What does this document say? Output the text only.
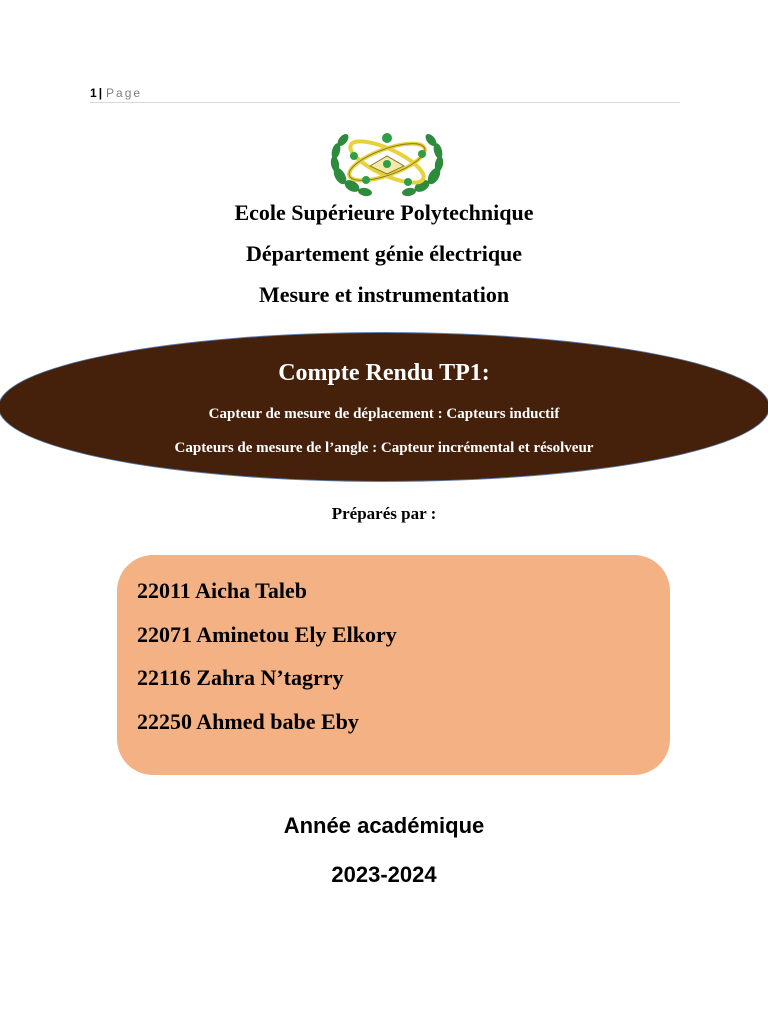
1 | Page
Ecole Supérieure Polytechnique
Département génie électrique
Mesure et instrumentation
Compte Rendu TP1:
Capteur de mesure de déplacement : Capteurs inductif
Capteurs de mesure de l’angle : Capteur incrémental et résolveur
Préparés par :
22011 Aicha Taleb
22071 Aminetou Ely Elkory
22116 Zahra N’tagrry
22250 Ahmed babe Eby
Année académique
2023-2024
